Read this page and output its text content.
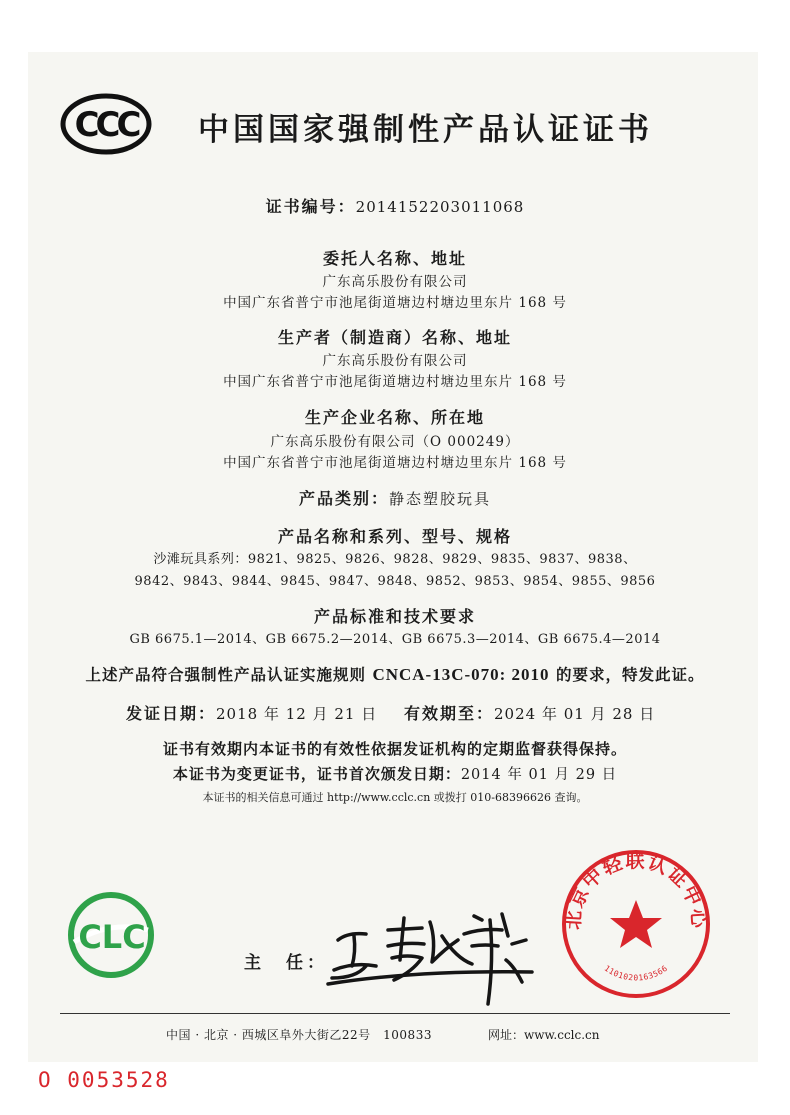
CCC 中国国家强制性产品认证证书
证书编号：2014152203011068
委托人名称、地址
广东高乐股份有限公司
中国广东省普宁市池尾街道塘边村塘边里东片 168 号
生产者（制造商）名称、地址
广东高乐股份有限公司
中国广东省普宁市池尾街道塘边村塘边里东片 168 号
生产企业名称、所在地
广东高乐股份有限公司（O 000249）
中国广东省普宁市池尾街道塘边村塘边里东片 168 号
产品类别：静态塑胶玩具
产品名称和系列、型号、规格
沙滩玩具系列：9821、9825、9826、9828、9829、9835、9837、9838、
9842、9843、9844、9845、9847、9848、9852、9853、9854、9855、9856
产品标准和技术要求
GB 6675.1—2014、GB 6675.2—2014、GB 6675.3—2014、GB 6675.4—2014
上述产品符合强制性产品认证实施规则 CNCA-13C-070: 2010 的要求，特发此证。
发证日期：2018 年 12 月 21 日 有效期至：2024 年 01 月 28 日
证书有效期内本证书的有效性依据发证机构的定期监督获得保持。
本证书为变更证书，证书首次颁发日期：2014 年 01 月 29 日
本证书的相关信息可通过 http://www.cclc.cn 或拨打 010-68396626 查询。
CLC
主　任：
北京中轻联认证中心
1101020163566
中国 · 北京 · 西城区阜外大街乙22号　100833	网址：www.cclc.cn
O 0053528
